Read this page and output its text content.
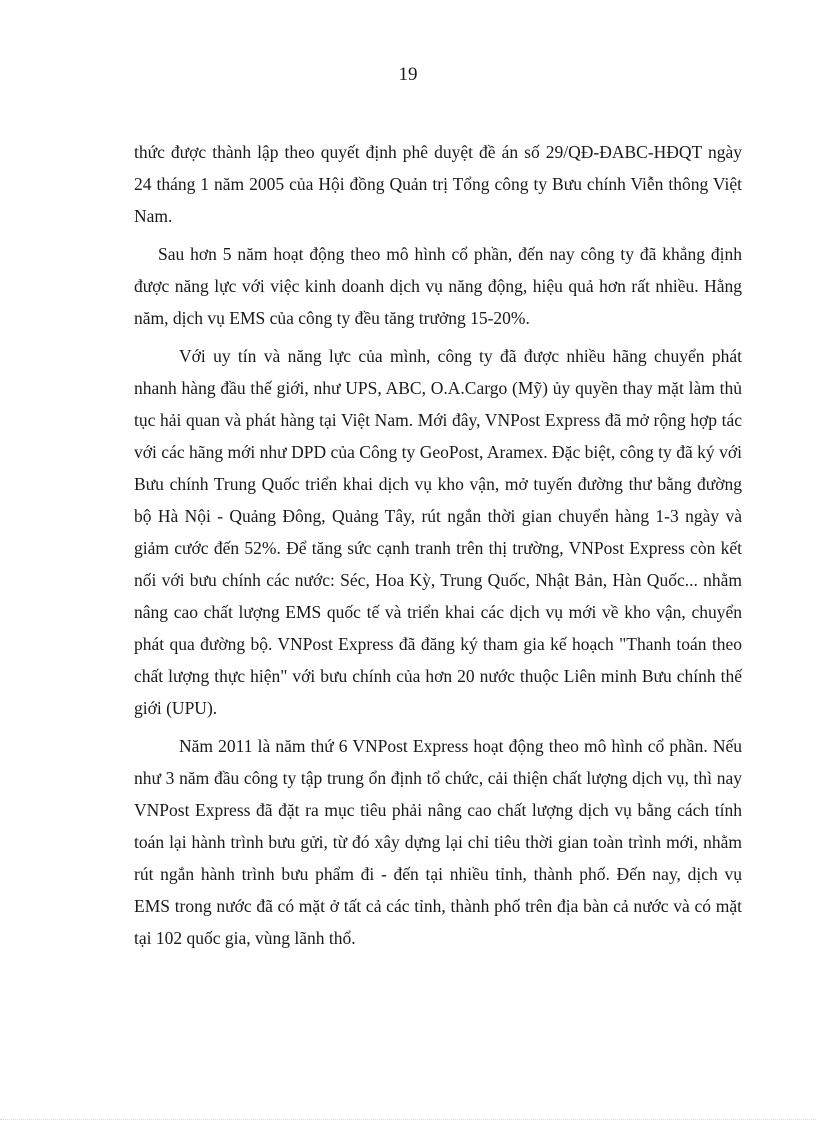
19

thức được thành lập theo quyết định phê duyệt đề án số 29/QĐ-ĐABC-HĐQT ngày 24 tháng 1 năm 2005 của Hội đồng Quản trị Tổng công ty Bưu chính Viễn thông Việt Nam.

Sau hơn 5 năm hoạt động theo mô hình cổ phần, đến nay công ty đã khẳng định được năng lực với việc kinh doanh dịch vụ năng động, hiệu quả hơn rất nhiều. Hằng năm, dịch vụ EMS của công ty đều tăng trưởng 15-20%.

Với uy tín và năng lực của mình, công ty đã được nhiều hãng chuyển phát nhanh hàng đầu thế giới, như UPS, ABC, O.A.Cargo (Mỹ) ủy quyền thay mặt làm thủ tục hải quan và phát hàng tại Việt Nam. Mới đây, VNPost Express đã mở rộng hợp tác với các hãng mới như DPD của Công ty GeoPost, Aramex. Đặc biệt, công ty đã ký với Bưu chính Trung Quốc triển khai dịch vụ kho vận, mở tuyến đường thư bằng đường bộ Hà Nội - Quảng Đông, Quảng Tây, rút ngắn thời gian chuyển hàng 1-3 ngày và giảm cước đến 52%. Để tăng sức cạnh tranh trên thị trường, VNPost Express còn kết nối với bưu chính các nước: Séc, Hoa Kỳ, Trung Quốc, Nhật Bản, Hàn Quốc... nhằm nâng cao chất lượng EMS quốc tế và triển khai các dịch vụ mới về kho vận, chuyển phát qua đường bộ. VNPost Express đã đăng ký tham gia kế hoạch "Thanh toán theo chất lượng thực hiện" với bưu chính của hơn 20 nước thuộc Liên minh Bưu chính thế giới (UPU).

Năm 2011 là năm thứ 6 VNPost Express hoạt động theo mô hình cổ phần. Nếu như 3 năm đầu công ty tập trung ổn định tổ chức, cải thiện chất lượng dịch vụ, thì nay VNPost Express đã đặt ra mục tiêu phải nâng cao chất lượng dịch vụ bằng cách tính toán lại hành trình bưu gửi, từ đó xây dựng lại chỉ tiêu thời gian toàn trình mới, nhằm rút ngắn hành trình bưu phẩm đi - đến tại nhiều tỉnh, thành phố. Đến nay, dịch vụ EMS trong nước đã có mặt ở tất cả các tỉnh, thành phố trên địa bàn cả nước và có mặt tại 102 quốc gia, vùng lãnh thổ.
